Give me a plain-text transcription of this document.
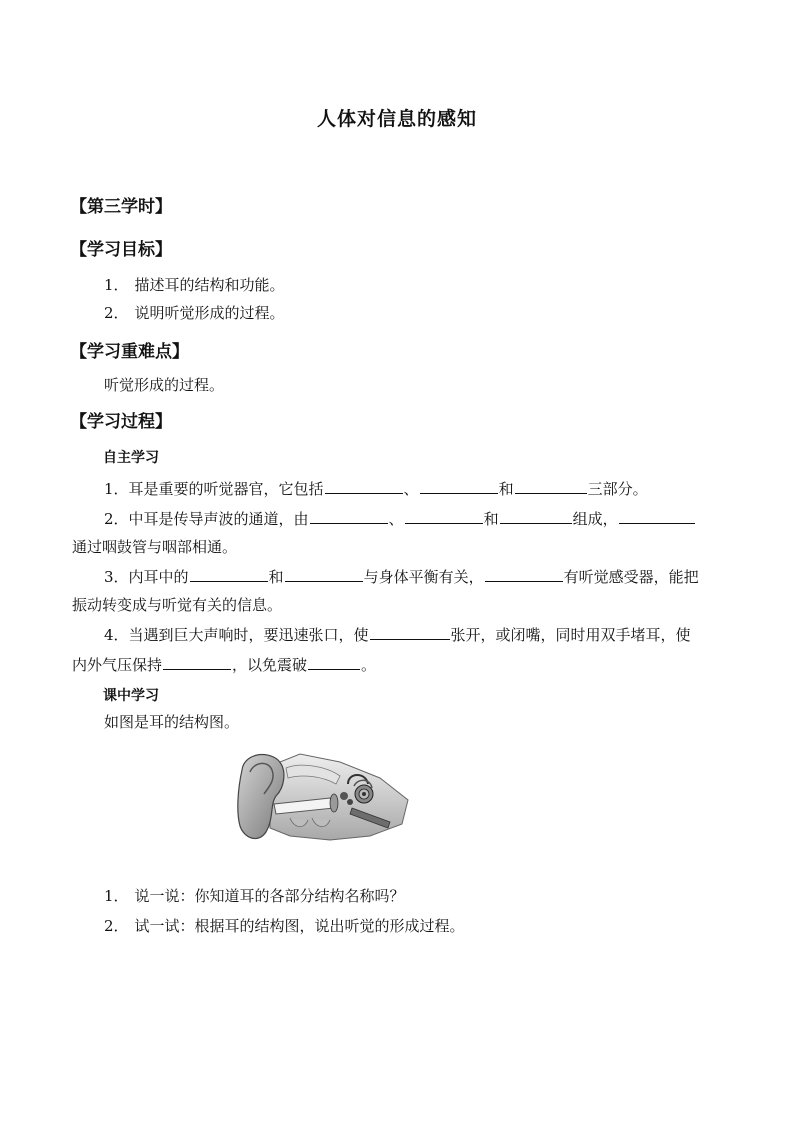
人体对信息的感知
【第三学时】
【学习目标】
1． 描述耳的结构和功能。
2． 说明听觉形成的过程。
【学习重难点】
听觉形成的过程。
【学习过程】
自主学习
1．耳是重要的听觉器官，它包括	、	和	三部分。
2．中耳是传导声波的通道，由	、	和	组成，
通过咽鼓管与咽部相通。
3．内耳中的	和	与身体平衡有关，	有听觉感受器，能把
振动转变成与听觉有关的信息。
4．当遇到巨大声响时，要迅速张口，使	张开，或闭嘴，同时用双手堵耳，使
内外气压保持	，以免震破	。
课中学习
如图是耳的结构图。
1． 说一说：你知道耳的各部分结构名称吗？
2． 试一试：根据耳的结构图，说出听觉的形成过程。
